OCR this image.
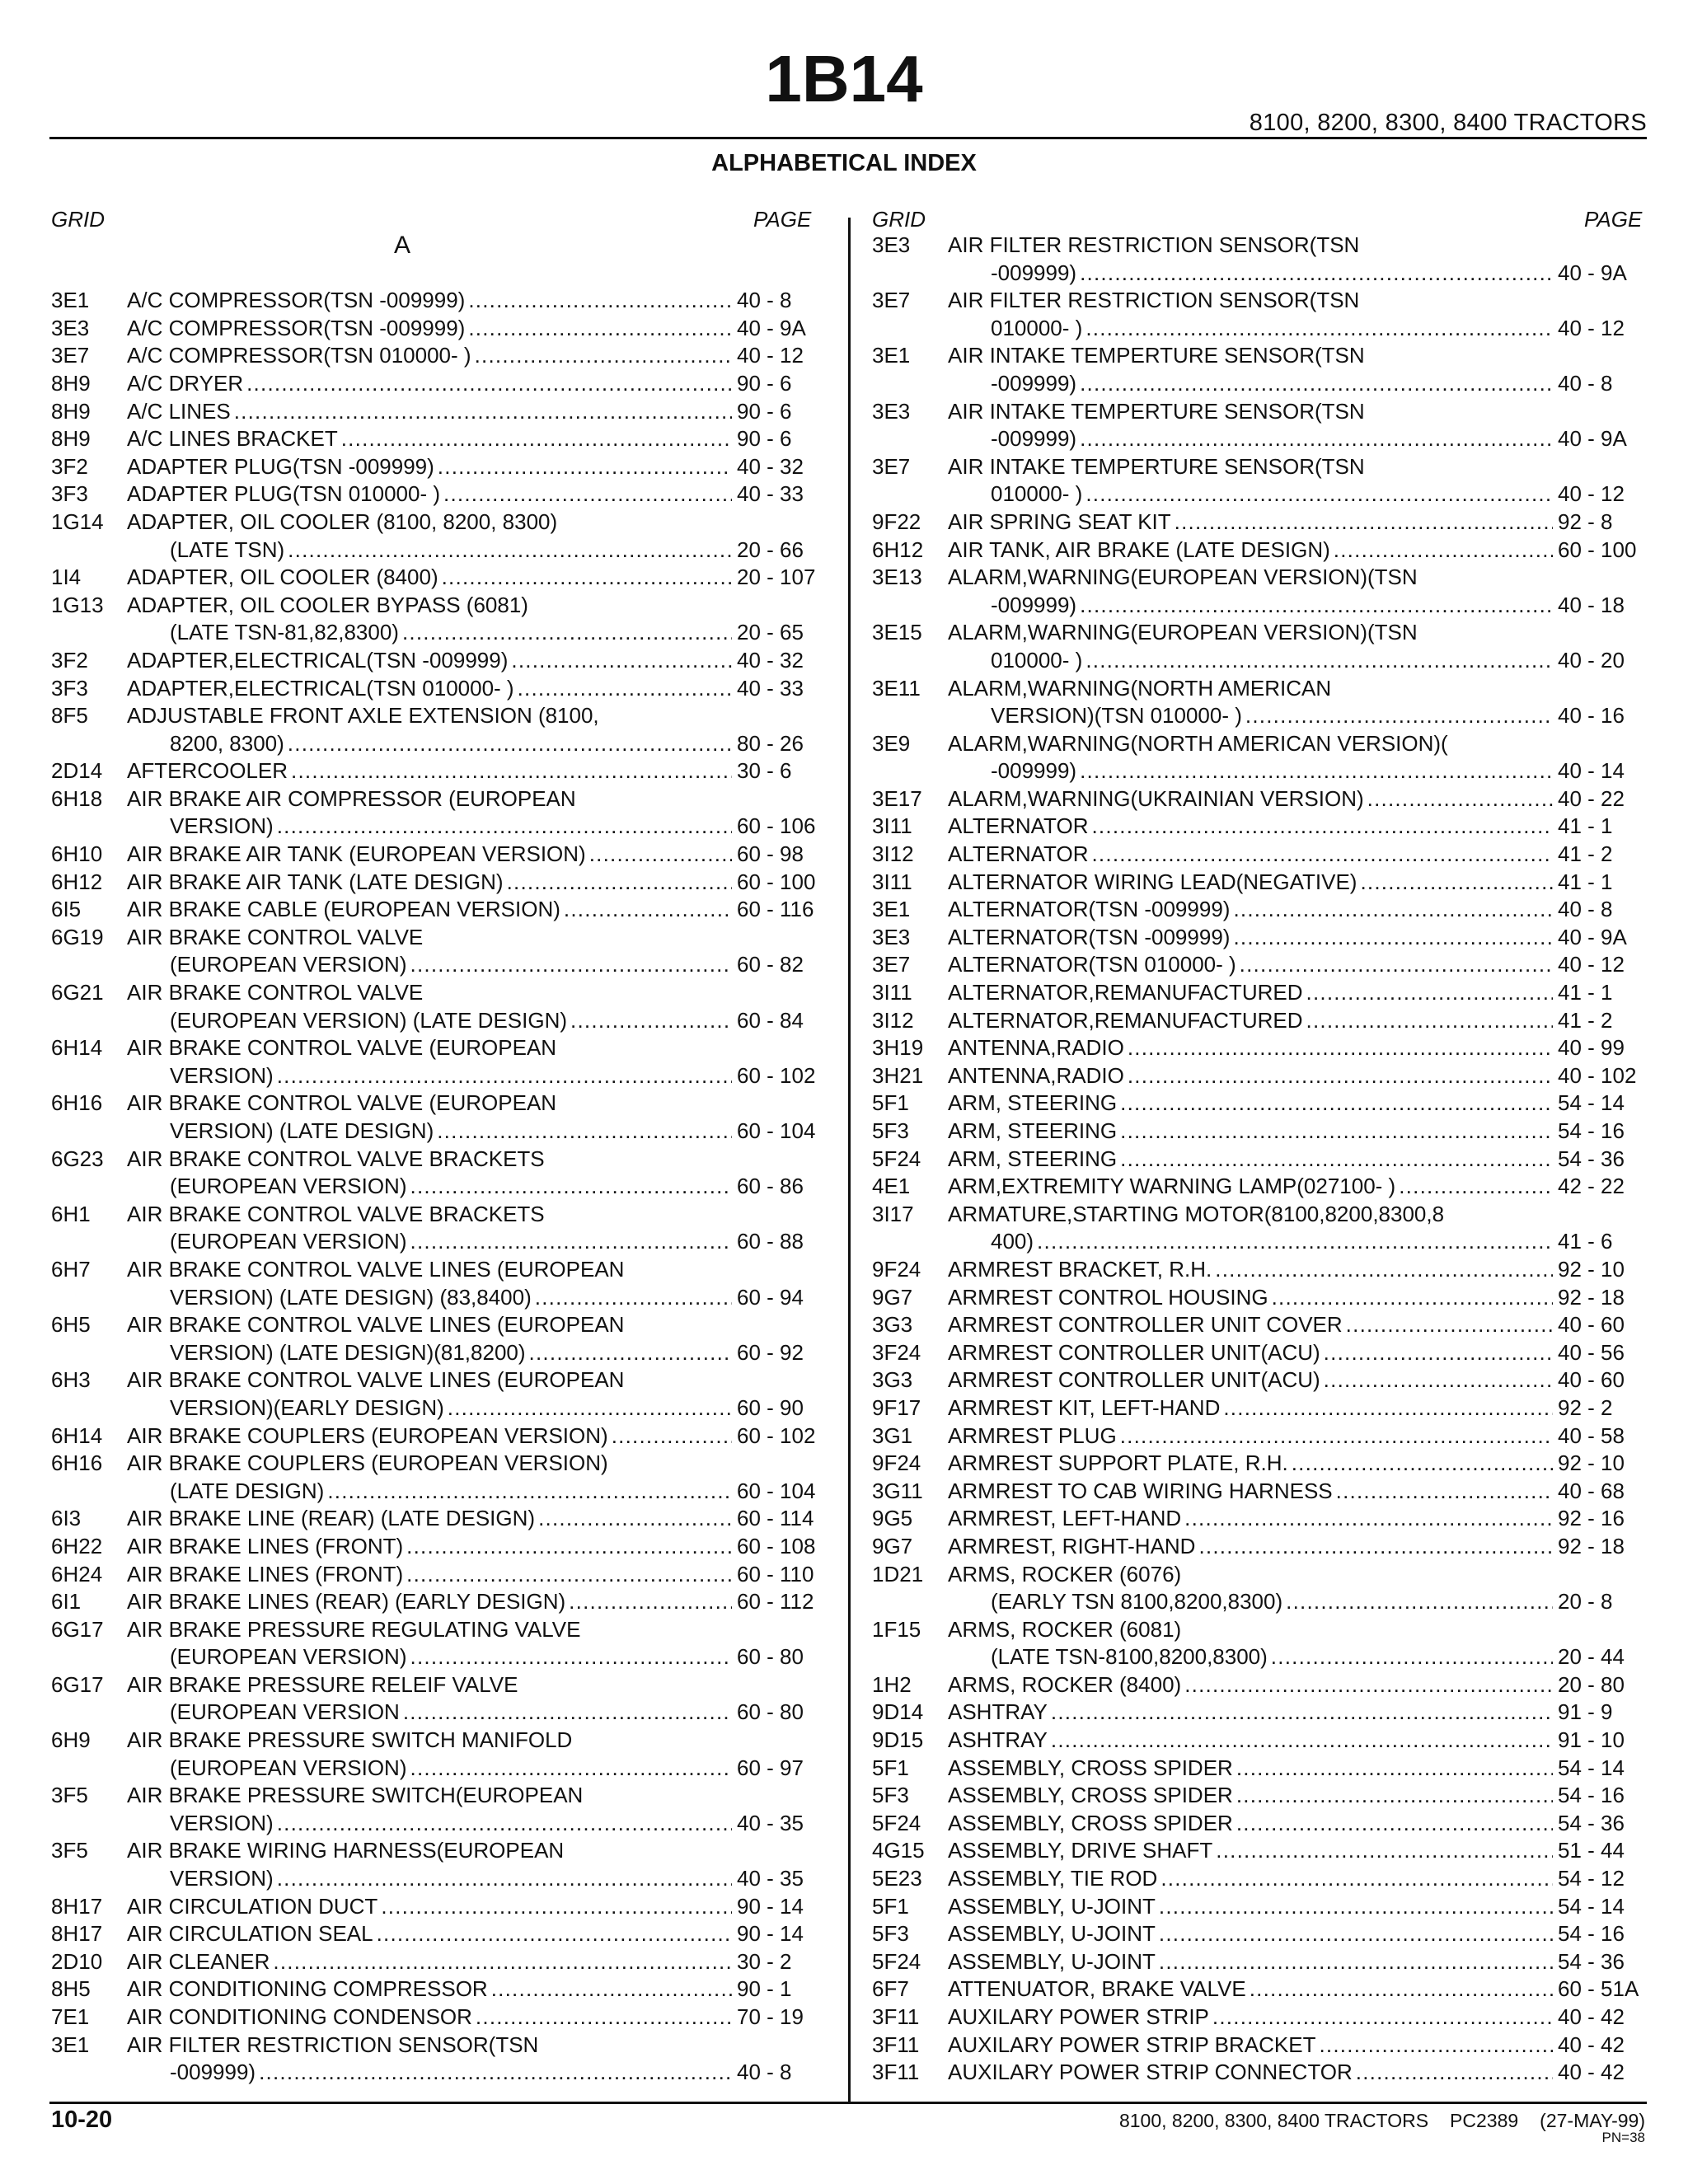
1B14
8100, 8200, 8300, 8400 TRACTORS
ALPHABETICAL INDEX
GRID	PAGE	GRID	PAGE
A
3E1	A/C COMPRESSOR(TSN -009999) . . .	40 - 8
3E3	A/C COMPRESSOR(TSN -009999) . . .	40 - 9A
3E7	A/C COMPRESSOR(TSN 010000- ) . . .	40 - 12
8H9	A/C DRYER . . .	90 - 6
8H9	A/C LINES . . .	90 - 6
8H9	A/C LINES BRACKET . . .	90 - 6
3F2	ADAPTER PLUG(TSN -009999) . . .	40 - 32
3F3	ADAPTER PLUG(TSN 010000- ) . . .	40 - 33
1G14	ADAPTER, OIL COOLER (8100, 8200, 8300)
(LATE TSN) . . .	20 - 66
1I4	ADAPTER, OIL COOLER (8400) . . .	20 - 107
1G13	ADAPTER, OIL COOLER BYPASS (6081)
(LATE TSN-81,82,8300) . . .	20 - 65
3F2	ADAPTER,ELECTRICAL(TSN -009999) . . .	40 - 32
3F3	ADAPTER,ELECTRICAL(TSN 010000- ) . . .	40 - 33
8F5	ADJUSTABLE FRONT AXLE EXTENSION (8100,
8200, 8300) . . .	80 - 26
2D14	AFTERCOOLER . . .	30 - 6
6H18	AIR BRAKE AIR COMPRESSOR (EUROPEAN
VERSION) . . .	60 - 106
6H10	AIR BRAKE AIR TANK (EUROPEAN VERSION) . . .	60 - 98
6H12	AIR BRAKE AIR TANK (LATE DESIGN) . . .	60 - 100
6I5	AIR BRAKE CABLE (EUROPEAN VERSION) . . .	60 - 116
6G19	AIR BRAKE CONTROL VALVE
(EUROPEAN VERSION) . . .	60 - 82
6G21	AIR BRAKE CONTROL VALVE
(EUROPEAN VERSION) (LATE DESIGN) . . .	60 - 84
6H14	AIR BRAKE CONTROL VALVE (EUROPEAN
VERSION) . . .	60 - 102
6H16	AIR BRAKE CONTROL VALVE (EUROPEAN
VERSION) (LATE DESIGN) . . .	60 - 104
6G23	AIR BRAKE CONTROL VALVE BRACKETS
(EUROPEAN VERSION) . . .	60 - 86
6H1	AIR BRAKE CONTROL VALVE BRACKETS
(EUROPEAN VERSION) . . .	60 - 88
6H7	AIR BRAKE CONTROL VALVE LINES (EUROPEAN
VERSION) (LATE DESIGN) (83,8400) . . .	60 - 94
6H5	AIR BRAKE CONTROL VALVE LINES (EUROPEAN
VERSION) (LATE DESIGN)(81,8200) . . .	60 - 92
6H3	AIR BRAKE CONTROL VALVE LINES (EUROPEAN
VERSION)(EARLY DESIGN) . . .	60 - 90
6H14	AIR BRAKE COUPLERS (EUROPEAN VERSION) . . .	60 - 102
6H16	AIR BRAKE COUPLERS (EUROPEAN VERSION)
(LATE DESIGN) . . .	60 - 104
6I3	AIR BRAKE LINE (REAR) (LATE DESIGN) . . .	60 - 114
6H22	AIR BRAKE LINES (FRONT) . . .	60 - 108
6H24	AIR BRAKE LINES (FRONT) . . .	60 - 110
6I1	AIR BRAKE LINES (REAR) (EARLY DESIGN) . . .	60 - 112
6G17	AIR BRAKE PRESSURE REGULATING VALVE
(EUROPEAN VERSION) . . .	60 - 80
6G17	AIR BRAKE PRESSURE RELEIF VALVE
(EUROPEAN VERSION . . .	60 - 80
6H9	AIR BRAKE PRESSURE SWITCH MANIFOLD
(EUROPEAN VERSION) . . .	60 - 97
3F5	AIR BRAKE PRESSURE SWITCH(EUROPEAN
VERSION) . . .	40 - 35
3F5	AIR BRAKE WIRING HARNESS(EUROPEAN
VERSION) . . .	40 - 35
8H17	AIR CIRCULATION DUCT . . .	90 - 14
8H17	AIR CIRCULATION SEAL . . .	90 - 14
2D10	AIR CLEANER . . .	30 - 2
8H5	AIR CONDITIONING COMPRESSOR . . .	90 - 1
7E1	AIR CONDITIONING CONDENSOR . . .	70 - 19
3E1	AIR FILTER RESTRICTION SENSOR(TSN
-009999) . . .	40 - 8
3E3	AIR FILTER RESTRICTION SENSOR(TSN
-009999) . . .	40 - 9A
3E7	AIR FILTER RESTRICTION SENSOR(TSN
010000- ) . . .	40 - 12
3E1	AIR INTAKE TEMPERTURE SENSOR(TSN
-009999) . . .	40 - 8
3E3	AIR INTAKE TEMPERTURE SENSOR(TSN
-009999) . . .	40 - 9A
3E7	AIR INTAKE TEMPERTURE SENSOR(TSN
010000- ) . . .	40 - 12
9F22	AIR SPRING SEAT KIT . . .	92 - 8
6H12	AIR TANK, AIR BRAKE (LATE DESIGN) . . .	60 - 100
3E13	ALARM,WARNING(EUROPEAN VERSION)(TSN
-009999) . . .	40 - 18
3E15	ALARM,WARNING(EUROPEAN VERSION)(TSN
010000- ) . . .	40 - 20
3E11	ALARM,WARNING(NORTH AMERICAN
VERSION)(TSN 010000- ) . . .	40 - 16
3E9	ALARM,WARNING(NORTH AMERICAN VERSION)(
-009999) . . .	40 - 14
3E17	ALARM,WARNING(UKRAINIAN VERSION) . . .	40 - 22
3I11	ALTERNATOR . . .	41 - 1
3I12	ALTERNATOR . . .	41 - 2
3I11	ALTERNATOR WIRING LEAD(NEGATIVE) . . .	41 - 1
3E1	ALTERNATOR(TSN -009999) . . .	40 - 8
3E3	ALTERNATOR(TSN -009999) . . .	40 - 9A
3E7	ALTERNATOR(TSN 010000- ) . . .	40 - 12
3I11	ALTERNATOR,REMANUFACTURED . . .	41 - 1
3I12	ALTERNATOR,REMANUFACTURED . . .	41 - 2
3H19	ANTENNA,RADIO . . .	40 - 99
3H21	ANTENNA,RADIO . . .	40 - 102
5F1	ARM, STEERING . . .	54 - 14
5F3	ARM, STEERING . . .	54 - 16
5F24	ARM, STEERING . . .	54 - 36
4E1	ARM,EXTREMITY WARNING LAMP(027100- ) . . .	42 - 22
3I17	ARMATURE,STARTING MOTOR(8100,8200,8300,8
400) . . .	41 - 6
9F24	ARMREST BRACKET, R.H. . . .	92 - 10
9G7	ARMREST CONTROL HOUSING . . .	92 - 18
3G3	ARMREST CONTROLLER UNIT COVER . . .	40 - 60
3F24	ARMREST CONTROLLER UNIT(ACU) . . .	40 - 56
3G3	ARMREST CONTROLLER UNIT(ACU) . . .	40 - 60
9F17	ARMREST KIT, LEFT-HAND . . .	92 - 2
3G1	ARMREST PLUG . . .	40 - 58
9F24	ARMREST SUPPORT PLATE, R.H. . . .	92 - 10
3G11	ARMREST TO CAB WIRING HARNESS . . .	40 - 68
9G5	ARMREST, LEFT-HAND . . .	92 - 16
9G7	ARMREST, RIGHT-HAND . . .	92 - 18
1D21	ARMS, ROCKER (6076)
(EARLY TSN 8100,8200,8300) . . .	20 - 8
1F15	ARMS, ROCKER (6081)
(LATE TSN-8100,8200,8300) . . .	20 - 44
1H2	ARMS, ROCKER (8400) . . .	20 - 80
9D14	ASHTRAY . . .	91 - 9
9D15	ASHTRAY . . .	91 - 10
5F1	ASSEMBLY, CROSS SPIDER . . .	54 - 14
5F3	ASSEMBLY, CROSS SPIDER . . .	54 - 16
5F24	ASSEMBLY, CROSS SPIDER . . .	54 - 36
4G15	ASSEMBLY, DRIVE SHAFT . . .	51 - 44
5E23	ASSEMBLY, TIE ROD . . .	54 - 12
5F1	ASSEMBLY, U-JOINT . . .	54 - 14
5F3	ASSEMBLY, U-JOINT . . .	54 - 16
5F24	ASSEMBLY, U-JOINT . . .	54 - 36
6F7	ATTENUATOR, BRAKE VALVE . . .	60 - 51A
3F11	AUXILARY POWER STRIP . . .	40 - 42
3F11	AUXILARY POWER STRIP BRACKET . . .	40 - 42
3F11	AUXILARY POWER STRIP CONNECTOR . . .	40 - 42
10-20	8100, 8200, 8300, 8400 TRACTORS PC2389 (27-MAY-99)
PN=38
